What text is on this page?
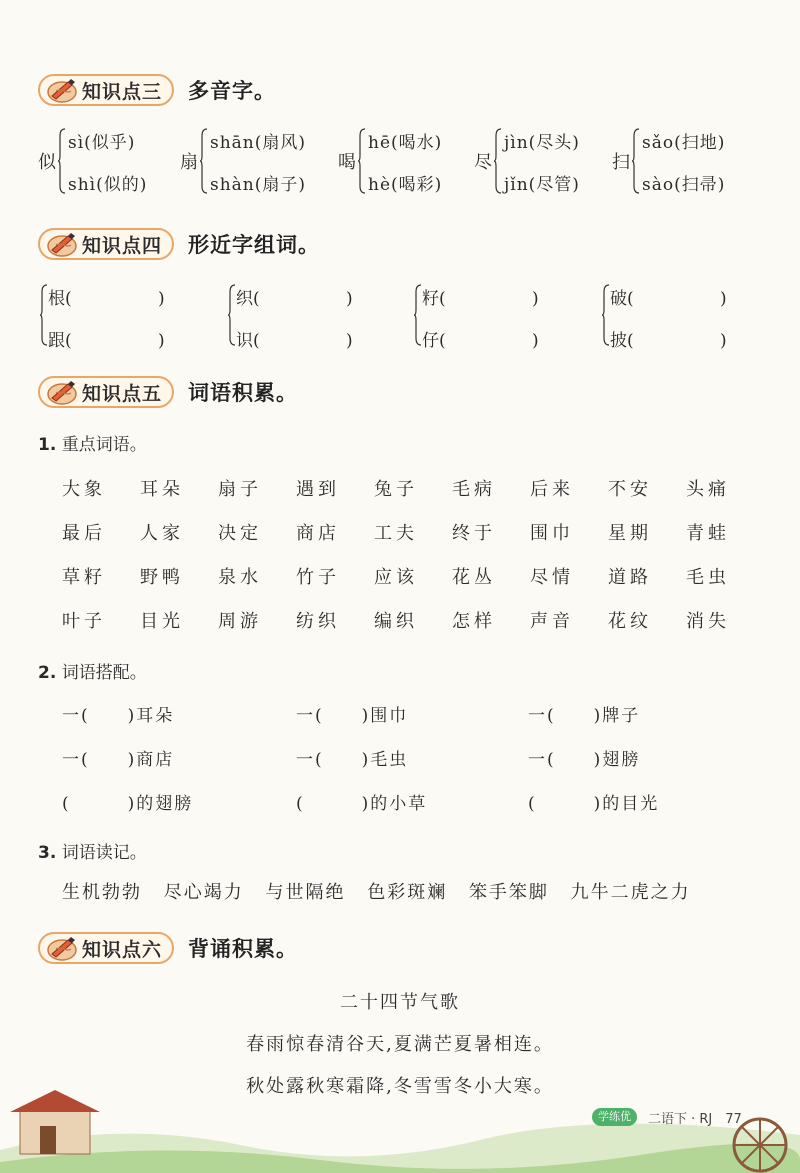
知识点三 多音字。
似
sì(似乎)
shì(似的)
扇
shān(扇风)
shàn(扇子)
喝
hē(喝水)
hè(喝彩)
尽
jìn(尽头)
jǐn(尽管)
扫
sǎo(扫地)
sào(扫帚)
知识点四 形近字组词。
根(	)
跟(	)
织(	)
识(	)
籽(	)
仔(	)
破(	)
披(	)
知识点五 词语积累。
1. 重点词语。
大象 耳朵 扇子 遇到 兔子 毛病 后来 不安 头痛
最后 人家 决定 商店 工夫 终于 围巾 星期 青蛙
草籽 野鸭 泉水 竹子 应该 花丛 尽情 道路 毛虫
叶子 目光 周游 纺织 编织 怎样 声音 花纹 消失
2. 词语搭配。
一(　　)耳朵	一(　　)围巾	一(　　)牌子
一(　　)商店	一(　　)毛虫	一(　　)翅膀
(　　　)的翅膀	(　　　)的小草	(　　　)的目光
3. 词语读记。
生机勃勃 尽心竭力 与世隔绝 色彩斑斓 笨手笨脚 九牛二虎之力
知识点六 背诵积累。
二十四节气歌
春雨惊春清谷天,夏满芒夏暑相连。
秋处露秋寒霜降,冬雪雪冬小大寒。
学练优	二语下 · RJ　77
